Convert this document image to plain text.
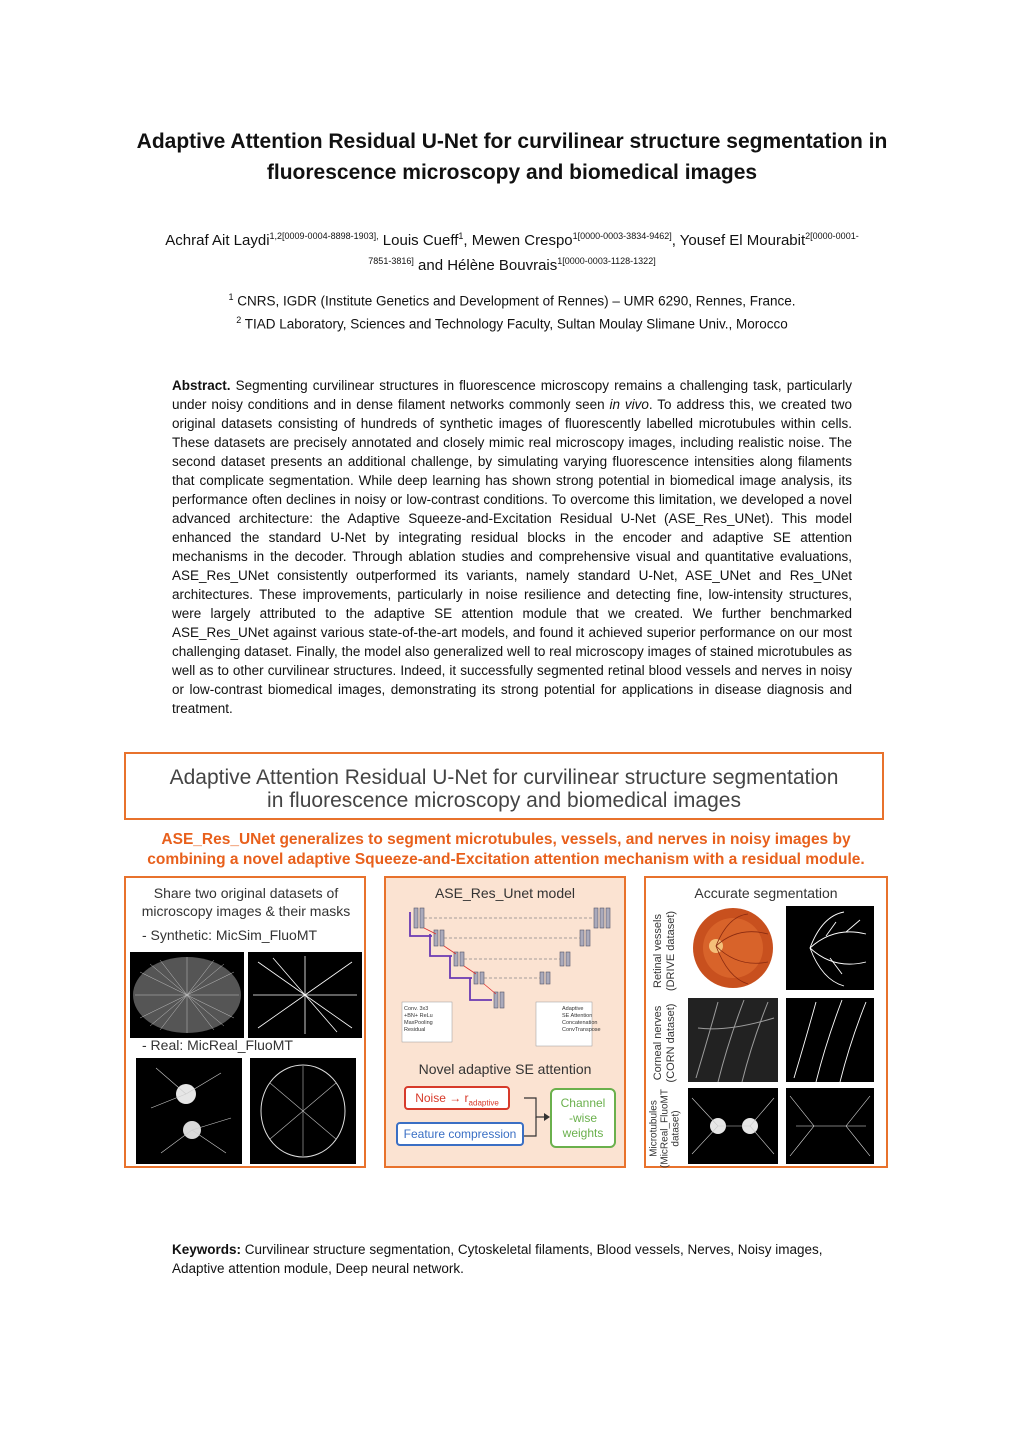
Adaptive Attention Residual U-Net for curvilinear structure segmentation in
fluorescence microscopy and biomedical images
Achraf Ait Laydi$^{1,2[0009-0004-8898-1903],}$ Louis Cueff$^1$, Mewen Crespo$^{1[0000-0003-3834-9462]}$, Yousef El Mourabit$^{2[0000-0001-}$
$^{7851-3816]}$ and Hélène Bouvrais$^{1[0000-0003-1128-1322]}$
$^1$ CNRS, IGDR (Institute Genetics and Development of Rennes) – UMR 6290, Rennes, France.
$^2$ TIAD Laboratory, Sciences and Technology Faculty, Sultan Moulay Slimane Univ., Morocco
Abstract. Segmenting curvilinear structures in fluorescence microscopy remains a challenging task, particularly under noisy conditions and in dense filament networks commonly seen in vivo. To address this, we created two original datasets consisting of hundreds of synthetic images of fluorescently labelled microtubules within cells. These datasets are precisely annotated and closely mimic real microscopy images, including realistic noise. The second dataset presents an additional challenge, by simulating varying fluorescence intensities along filaments that complicate segmentation. While deep learning has shown strong potential in biomedical image analysis, its performance often declines in noisy or low-contrast conditions. To overcome this limitation, we developed a novel advanced architecture: the Adaptive Squeeze-and-Excitation Residual U-Net (ASE_Res_UNet). This model enhanced the standard U-Net by integrating residual blocks in the encoder and adaptive SE attention mechanisms in the decoder. Through ablation studies and comprehensive visual and quantitative evaluations, ASE_Res_UNet consistently outperformed its variants, namely standard U-Net, ASE_UNet and Res_UNet architectures. These improvements, particularly in noise resilience and detecting fine, low-intensity structures, were largely attributed to the adaptive SE attention module that we created. We further benchmarked ASE_Res_UNet against various state-of-the-art models, and found it achieved superior performance on our most challenging dataset. Finally, the model also generalized well to real microscopy images of stained microtubules as well as to other curvilinear structures. Indeed, it successfully segmented retinal blood vessels and nerves in noisy or low-contrast biomedical images, demonstrating its strong potential for applications in disease diagnosis and treatment.
Adaptive Attention Residual U-Net for curvilinear structure segmentation
in fluorescence microscopy and biomedical images
ASE_Res_UNet generalizes to segment microtubules, vessels, and nerves in noisy images by
combining a novel adaptive Squeeze-and-Excitation attention mechanism with a residual module.
Share two original datasets of
microscopy images & their masks
- Synthetic: MicSim_FluoMT
- Real: MicReal_FluoMT
ASE_Res_Unet model
Conv. 3x3
+BN+ ReLu
MaxPooling
Residual
Adaptive
SE Attention
Concatenation
ConvTranspose
Novel adaptive SE attention
Noise → $r_{adaptive}$
Feature compression
Channel
-wise
weights
Accurate segmentation
Retinal vessels (DRIVE dataset)
Corneal nerves (CORN dataset)
Microtubules (MicReal_FluoMT dataset)
Keywords: Curvilinear structure segmentation, Cytoskeletal filaments, Blood vessels, Nerves, Noisy images, Adaptive attention module, Deep neural network.
